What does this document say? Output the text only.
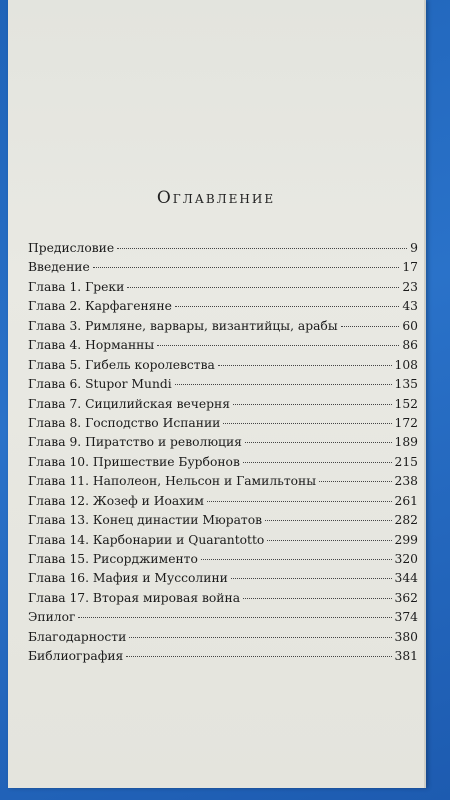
Оглавление
Предисловие	9
Введение	17
Глава 1. Греки	23
Глава 2. Карфагеняне	43
Глава 3. Римляне, варвары, византийцы, арабы	60
Глава 4. Норманны	86
Глава 5. Гибель королевства	108
Глава 6. Stupor Mundi	135
Глава 7. Сицилийская вечерня	152
Глава 8. Господство Испании	172
Глава 9. Пиратство и революция	189
Глава 10. Пришествие Бурбонов	215
Глава 11. Наполеон, Нельсон и Гамильтоны	238
Глава 12. Жозеф и Иоахим	261
Глава 13. Конец династии Мюратов	282
Глава 14. Карбонарии и Quarantotto	299
Глава 15. Рисорджименто	320
Глава 16. Мафия и Муссолини	344
Глава 17. Вторая мировая война	362
Эпилог	374
Благодарности	380
Библиография	381
